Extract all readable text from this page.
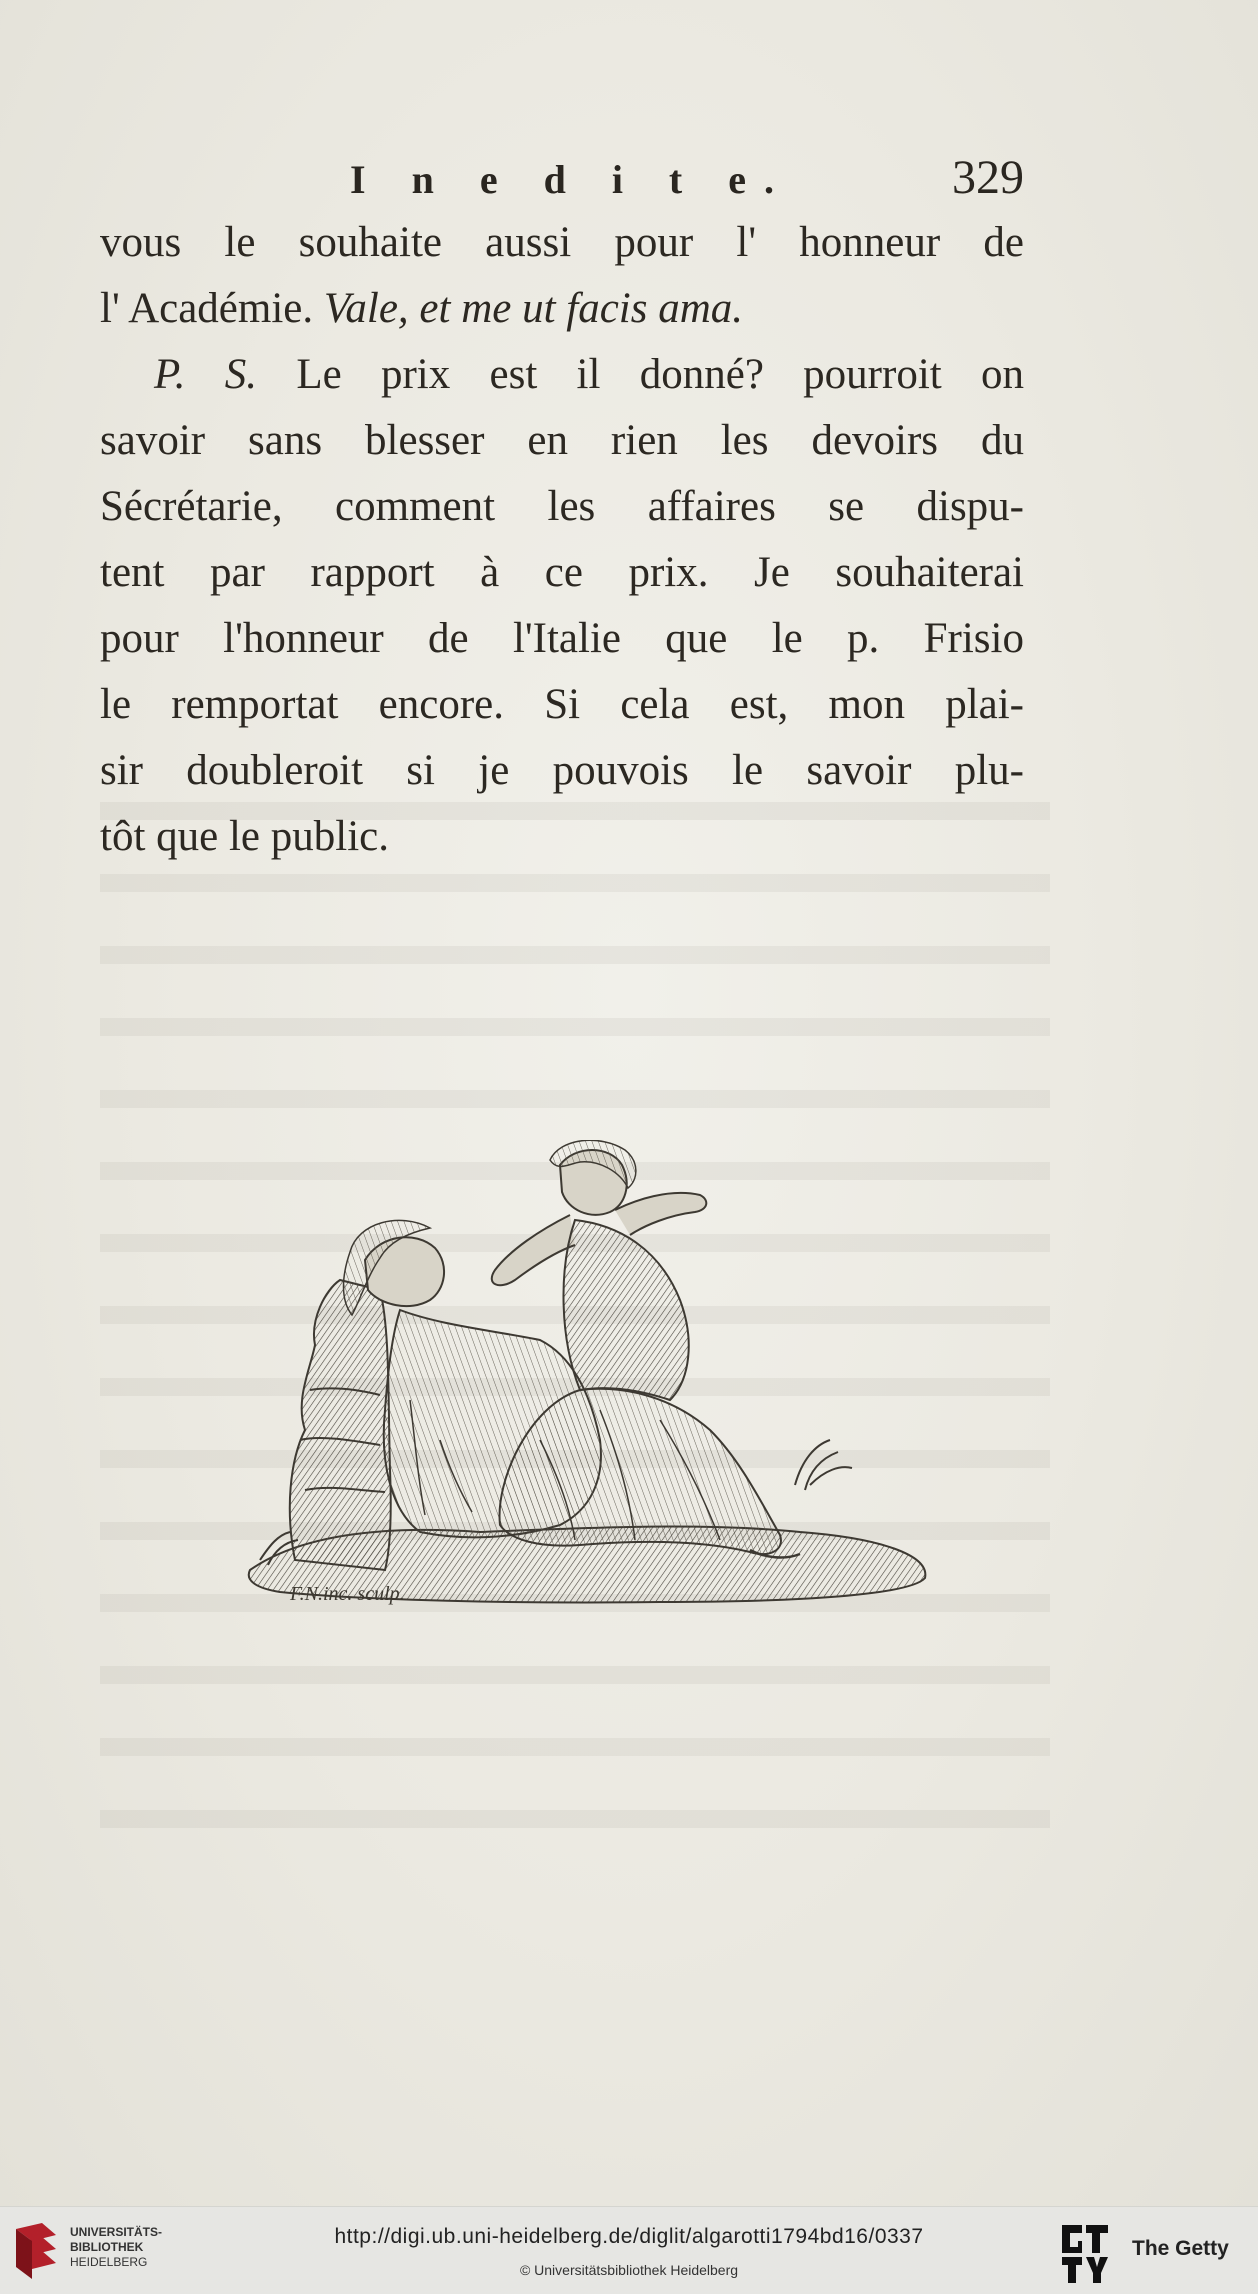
I n e d i t e.	329
vous le souhaite aussi pour l' honneur de
l' Académie. Vale, et me ut facis ama.
P. S. Le prix est il donné? pourroit on
savoir sans blesser en rien les devoirs du
Sécrétarie, comment les affaires se dispu-
tent par rapport à ce prix. Je souhaiterai
pour l'honneur de l'Italie que le p. Frisio
le remportat encore. Si cela est, mon plai-
sir doubleroit si je pouvois le savoir plu-
tôt que le public.
F.N.inc. sculp.
UNIVERSITÄTS-
BIBLIOTHEK
HEIDELBERG
http://digi.ub.uni-heidelberg.de/diglit/algarotti1794bd16/0337
© Universitätsbibliothek Heidelberg
The Getty
